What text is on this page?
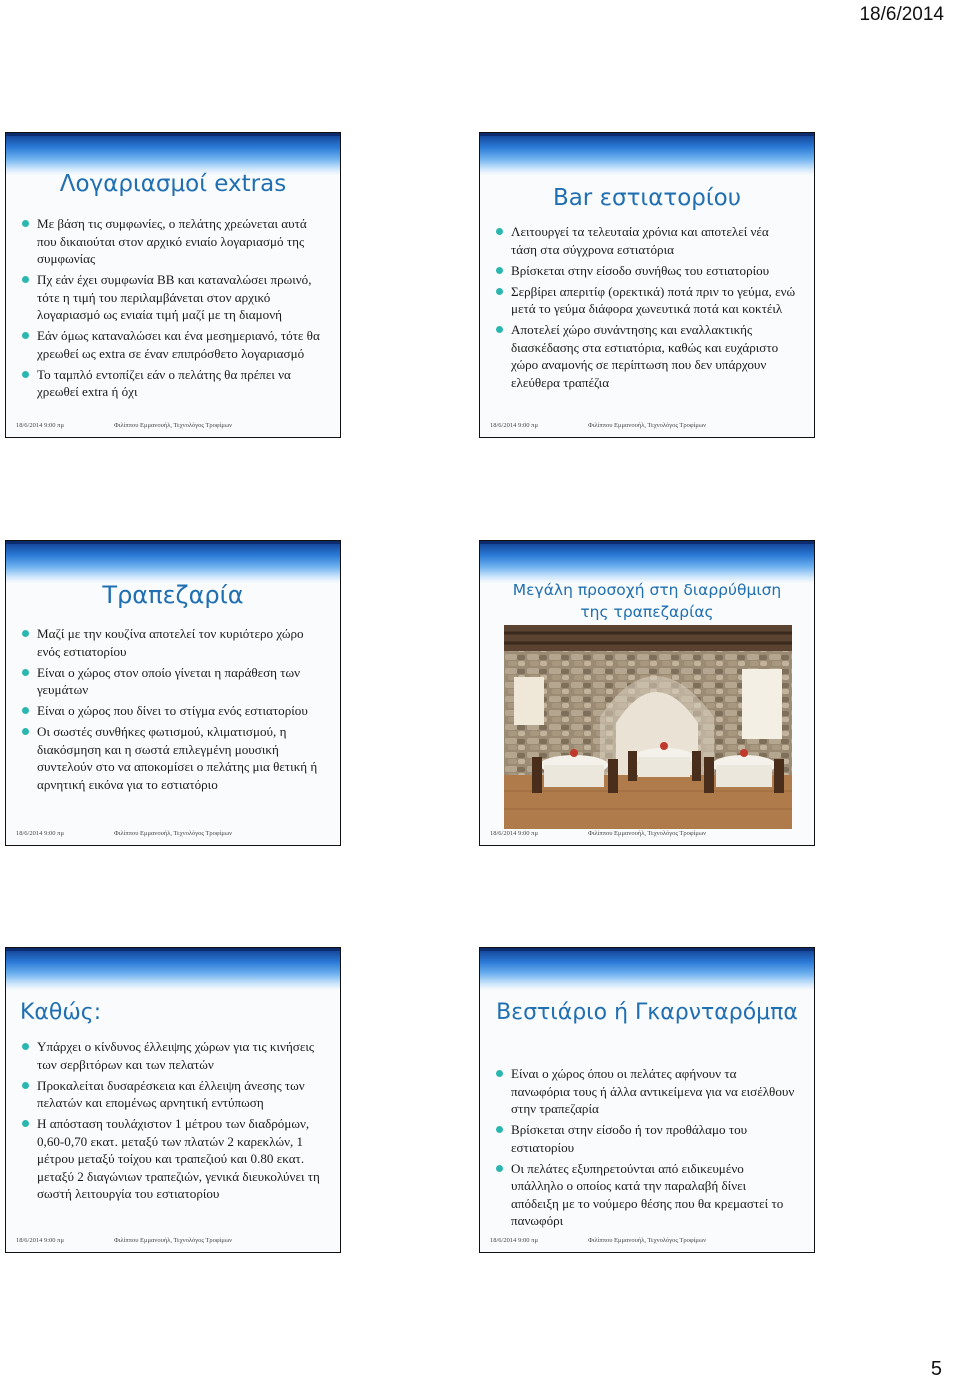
18/6/2014
Λογαριασμοί extras
Με βάση τις συμφωνίες, ο πελάτης χρεώνεται αυτά που δικαιούται στον αρχικό ενιαίο λογαριασμό της συμφωνίας
Πχ εάν έχει συμφωνία ΒΒ και καταναλώσει πρωινό, τότε η τιμή του περιλαμβάνεται στον αρχικό λογαριασμό ως ενιαία τιμή μαζί με τη διαμονή
Εάν όμως καταναλώσει και ένα μεσημεριανό, τότε θα χρεωθεί ως extra σε έναν επιπρόσθετο λογαριασμό
Το ταμπλό εντοπίζει εάν ο πελάτης θα πρέπει να χρεωθεί extra ή όχι
18/6/2014 9:00 πμ	Φιλίππου Εμμανουήλ, Τεχνολόγος Τροφίμων
Bar εστιατορίου
Λειτουργεί τα τελευταία χρόνια και αποτελεί νέα τάση στα σύγχρονα εστιατόρια
Βρίσκεται στην είσοδο συνήθως του εστιατορίου
Σερβίρει απεριτίφ (ορεκτικά) ποτά πριν το γεύμα, ενώ μετά το γεύμα διάφορα χωνευτικά ποτά και κοκτέιλ
Αποτελεί χώρο συνάντησης και εναλλακτικής διασκέδασης στα εστιατόρια, καθώς και ευχάριστο χώρο αναμονής σε περίπτωση που δεν υπάρχουν ελεύθερα τραπέζια
18/6/2014 9:00 πμ	Φιλίππου Εμμανουήλ, Τεχνολόγος Τροφίμων
Τραπεζαρία
Μαζί με την κουζίνα αποτελεί τον κυριότερο χώρο ενός εστιατορίου
Είναι ο χώρος στον οποίο γίνεται η παράθεση των γευμάτων
Είναι ο χώρος που δίνει το στίγμα ενός εστιατορίου
Οι σωστές συνθήκες φωτισμού, κλιματισμού, η διακόσμηση και η σωστά επιλεγμένη μουσική συντελούν στο να αποκομίσει ο πελάτης μια θετική ή αρνητική εικόνα για το εστιατόριο
18/6/2014 9:00 πμ	Φιλίππου Εμμανουήλ, Τεχνολόγος Τροφίμων
Μεγάλη προσοχή στη διαρρύθμιση
της τραπεζαρίας
18/6/2014 9:00 πμ	Φιλίππου Εμμανουήλ, Τεχνολόγος Τροφίμων
Καθώς:
Υπάρχει ο κίνδυνος έλλειψης χώρων για τις κινήσεις των σερβιτόρων και των πελατών
Προκαλείται δυσαρέσκεια και έλλειψη άνεσης των πελατών και επομένως αρνητική εντύπωση
Η απόσταση τουλάχιστον 1 μέτρου των διαδρόμων, 0,60-0,70 εκατ. μεταξύ των πλατών 2 καρεκλών, 1 μέτρου μεταξύ τοίχου και τραπεζιού και 0.80 εκατ. μεταξύ 2 διαγώνιων τραπεζιών, γενικά διευκολύνει τη σωστή λειτουργία του εστιατορίου
18/6/2014 9:00 πμ	Φιλίππου Εμμανουήλ, Τεχνολόγος Τροφίμων
Βεστιάριο ή Γκαρνταρόμπα
Είναι ο χώρος όπου οι πελάτες αφήνουν τα πανωφόρια τους ή άλλα αντικείμενα για να εισέλθουν στην τραπεζαρία
Βρίσκεται στην είσοδο ή τον προθάλαμο του εστιατορίου
Οι πελάτες εξυπηρετούνται από ειδικευμένο υπάλληλο ο οποίος κατά την παραλαβή δίνει απόδειξη με το νούμερο θέσης που θα κρεμαστεί το πανωφόρι
18/6/2014 9:00 πμ	Φιλίππου Εμμανουήλ, Τεχνολόγος Τροφίμων
5
